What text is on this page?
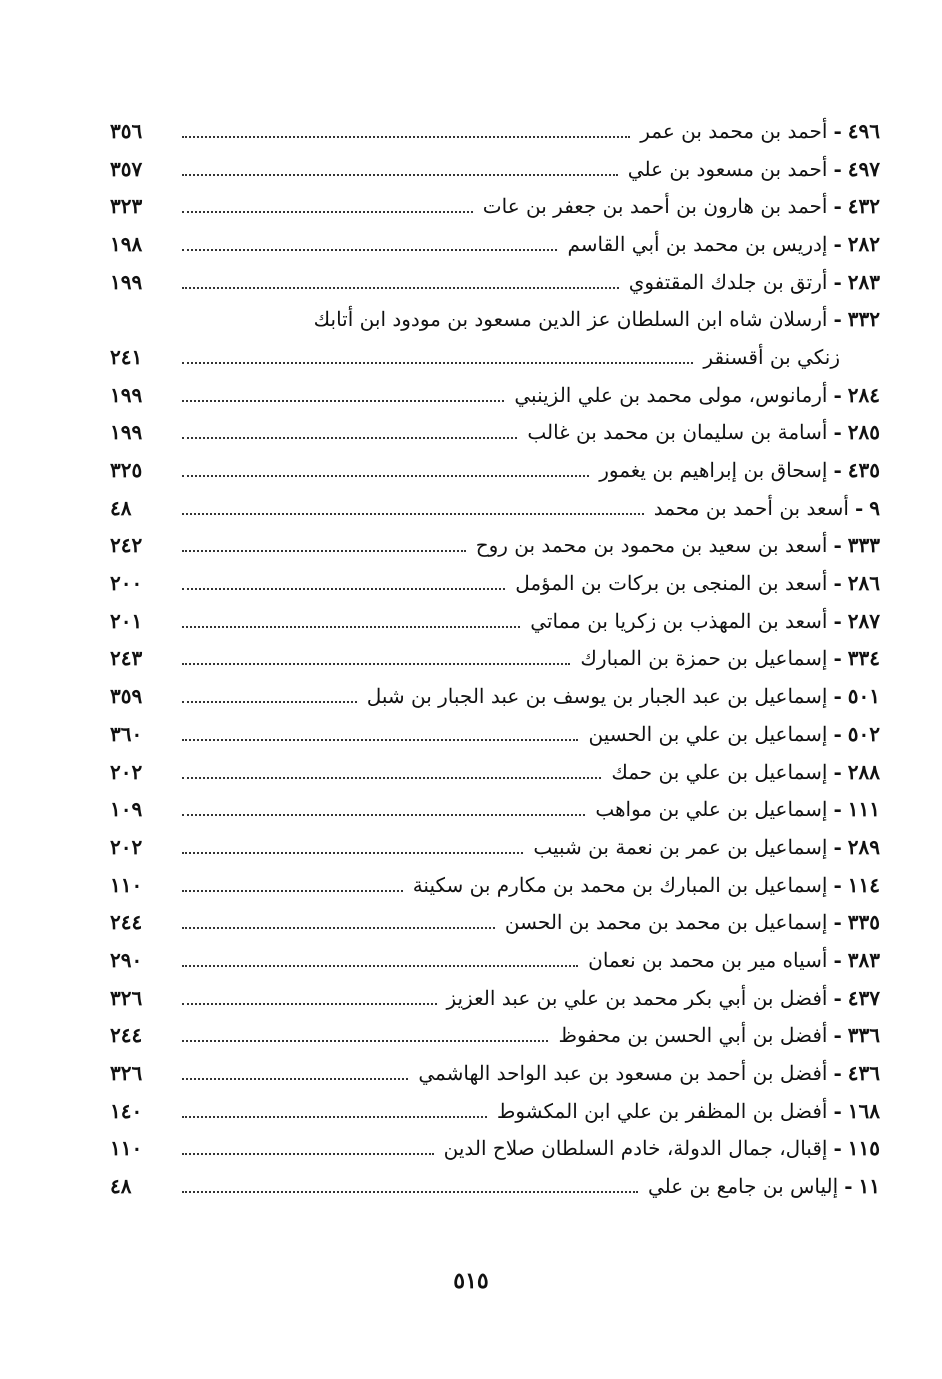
٤٩٦
-
أحمد بن محمد بن عمر
٣٥٦
٤٩٧
-
أحمد بن مسعود بن علي
٣٥٧
٤٣٢
-
أحمد بن هارون بن أحمد بن جعفر بن عات
٣٢٣
٢٨٢
-
إدريس بن محمد بن أبي القاسم
١٩٨
٢٨٣
-
أرتق بن جلدك المقتفوي
١٩٩
٣٣٢
-
أرسلان شاه ابن السلطان عز الدين مسعود بن مودود ابن أتابك
زنكي بن أقسنقر
٢٤١
٢٨٤
-
أرمانوس، مولى محمد بن علي الزينبي
١٩٩
٢٨٥
-
أسامة بن سليمان بن محمد بن غالب
١٩٩
٤٣٥
-
إسحاق بن إبراهيم بن يغمور
٣٢٥
٩
-
أسعد بن أحمد بن محمد
٤٨
٣٣٣
-
أسعد بن سعيد بن محمود بن محمد بن روح
٢٤٢
٢٨٦
-
أسعد بن المنجى بن بركات بن المؤمل
٢٠٠
٢٨٧
-
أسعد بن المهذب بن زكريا بن مماتي
٢٠١
٣٣٤
-
إسماعيل بن حمزة بن المبارك
٢٤٣
٥٠١
-
إسماعيل بن عبد الجبار بن يوسف بن عبد الجبار بن شبل
٣٥٩
٥٠٢
-
إسماعيل بن علي بن الحسين
٣٦٠
٢٨٨
-
إسماعيل بن علي بن حمك
٢٠٢
١١١
-
إسماعيل بن علي بن مواهب
١٠٩
٢٨٩
-
إسماعيل بن عمر بن نعمة بن شبيب
٢٠٢
١١٤
-
إسماعيل بن المبارك بن محمد بن مكارم بن سكينة
١١٠
٣٣٥
-
إسماعيل بن محمد بن محمد بن الحسن
٢٤٤
٣٨٣
-
أسياه مير بن محمد بن نعمان
٢٩٠
٤٣٧
-
أفضل بن أبي بكر محمد بن علي بن عبد العزيز
٣٢٦
٣٣٦
-
أفضل بن أبي الحسن بن محفوظ
٢٤٤
٤٣٦
-
أفضل بن أحمد بن مسعود بن عبد الواحد الهاشمي
٣٢٦
١٦٨
-
أفضل بن المظفر بن علي ابن المكشوط
١٤٠
١١٥
-
إقبال، جمال الدولة، خادم السلطان صلاح الدين
١١٠
١١
-
إلياس بن جامع بن علي
٤٨
٥١٥
